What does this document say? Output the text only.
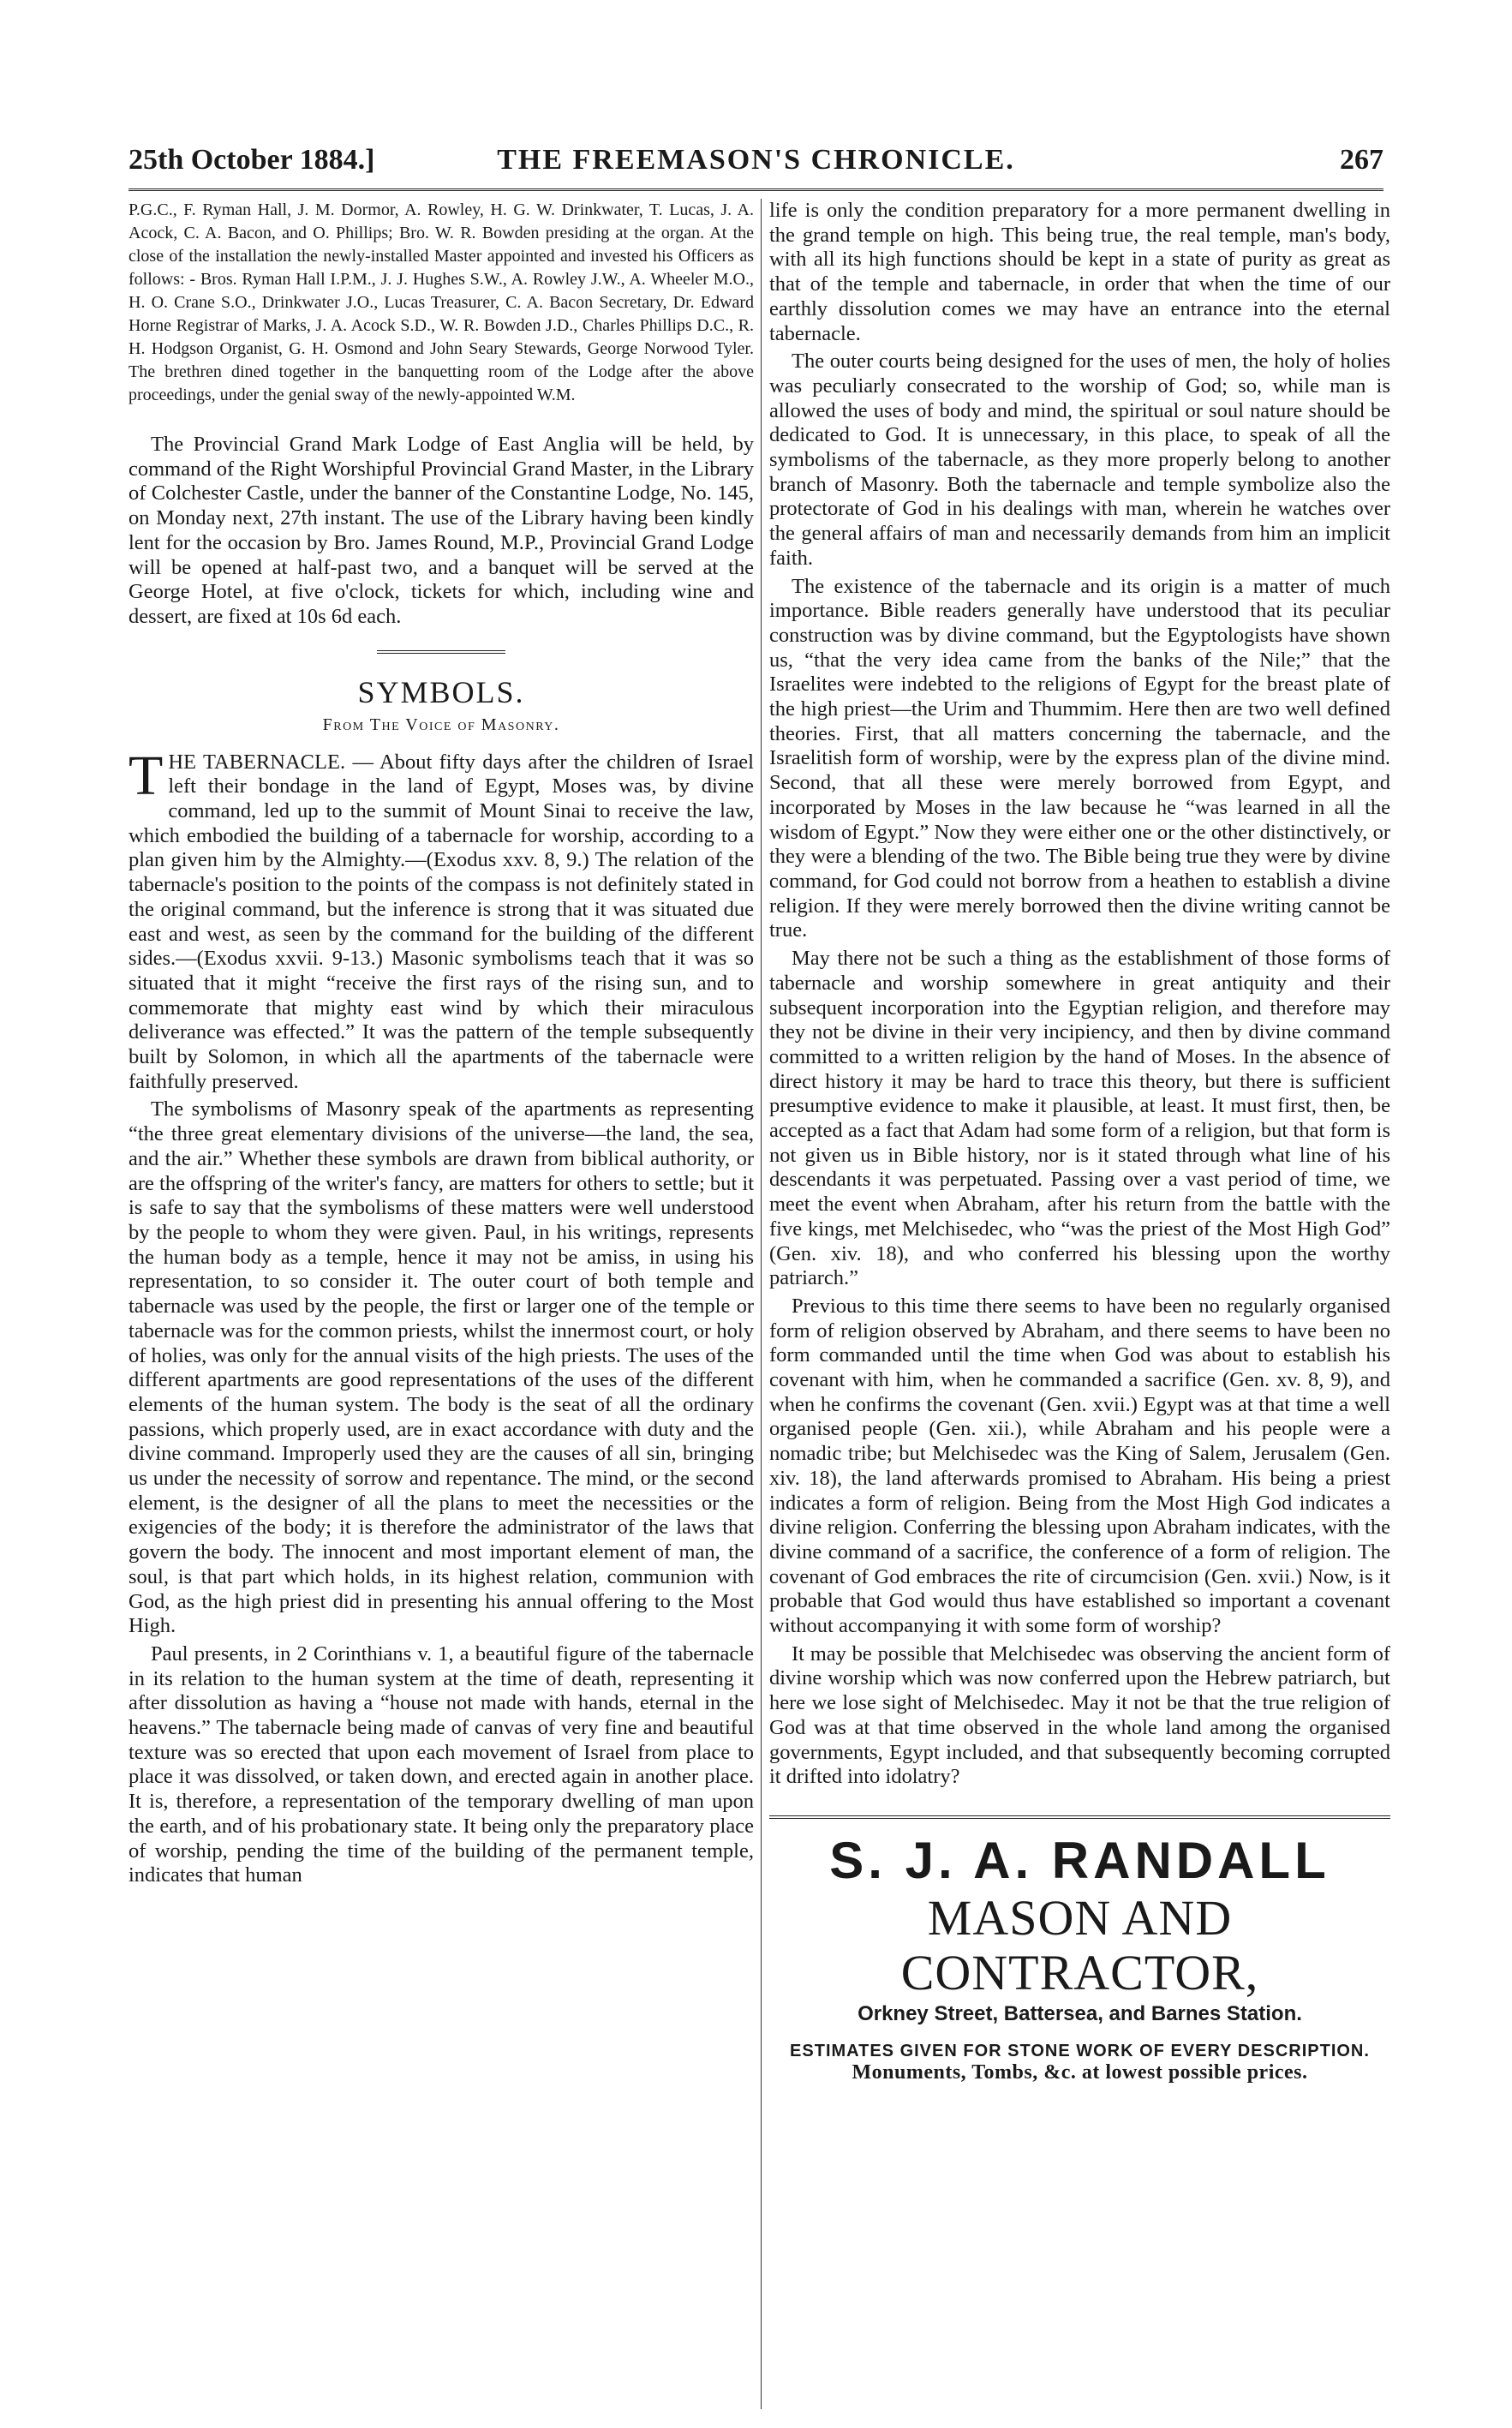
25th October 1884.]	THE FREEMASON'S CHRONICLE.	267

P.G.C., F. Ryman Hall, J. M. Dormor, A. Rowley, H. G. W. Drinkwater, T. Lucas, J. A. Acock, C. A. Bacon, and O. Phillips; Bro. W. R. Bowden presiding at the organ. At the close of the installation the newly-installed Master appointed and invested his Officers as follows: - Bros. Ryman Hall I.P.M., J. J. Hughes S.W., A. Rowley J.W., A. Wheeler M.O., H. O. Crane S.O., Drinkwater J.O., Lucas Treasurer, C. A. Bacon Secretary, Dr. Edward Horne Registrar of Marks, J. A. Acock S.D., W. R. Bowden J.D., Charles Phillips D.C., R. H. Hodgson Organist, G. H. Osmond and John Seary Stewards, George Norwood Tyler. The brethren dined together in the banquetting room of the Lodge after the above proceedings, under the genial sway of the newly-appointed W.M.

The Provincial Grand Mark Lodge of East Anglia will be held, by command of the Right Worshipful Provincial Grand Master, in the Library of Colchester Castle, under the banner of the Constantine Lodge, No. 145, on Monday next, 27th instant. The use of the Library having been kindly lent for the occasion by Bro. James Round, M.P., Provincial Grand Lodge will be opened at half-past two, and a banquet will be served at the George Hotel, at five o'clock, tickets for which, including wine and dessert, are fixed at 10s 6d each.

SYMBOLS.
From The Voice of Masonry.

T HE TABERNACLE. — About fifty days after the children of Israel left their bondage in the land of Egypt, Moses was, by divine command, led up to the summit of Mount Sinai to receive the law, which embodied the building of a tabernacle for worship, according to a plan given him by the Almighty.—(Exodus xxv. 8, 9.) The relation of the tabernacle's position to the points of the compass is not definitely stated in the original command, but the inference is strong that it was situated due east and west, as seen by the command for the building of the different sides.—(Exodus xxvii. 9-13.) Masonic symbolisms teach that it was so situated that it might “receive the first rays of the rising sun, and to commemorate that mighty east wind by which their miraculous deliverance was effected.” It was the pattern of the temple subsequently built by Solomon, in which all the apartments of the tabernacle were faithfully preserved.

The symbolisms of Masonry speak of the apartments as representing “the three great elementary divisions of the universe—the land, the sea, and the air.” Whether these symbols are drawn from biblical authority, or are the offspring of the writer's fancy, are matters for others to settle; but it is safe to say that the symbolisms of these matters were well understood by the people to whom they were given. Paul, in his writings, represents the human body as a temple, hence it may not be amiss, in using his representation, to so consider it. The outer court of both temple and tabernacle was used by the people, the first or larger one of the temple or tabernacle was for the common priests, whilst the innermost court, or holy of holies, was only for the annual visits of the high priests. The uses of the different apartments are good representations of the uses of the different elements of the human system. The body is the seat of all the ordinary passions, which properly used, are in exact accordance with duty and the divine command. Improperly used they are the causes of all sin, bringing us under the necessity of sorrow and repentance. The mind, or the second element, is the designer of all the plans to meet the necessities or the exigencies of the body; it is therefore the administrator of the laws that govern the body. The innocent and most important element of man, the soul, is that part which holds, in its highest relation, communion with God, as the high priest did in presenting his annual offering to the Most High.

Paul presents, in 2 Corinthians v. 1, a beautiful figure of the tabernacle in its relation to the human system at the time of death, representing it after dissolution as having a “house not made with hands, eternal in the heavens.” The tabernacle being made of canvas of very fine and beautiful texture was so erected that upon each movement of Israel from place to place it was dissolved, or taken down, and erected again in another place. It is, therefore, a representation of the temporary dwelling of man upon the earth, and of his probationary state. It being only the preparatory place of worship, pending the time of the building of the permanent temple, indicates that human

life is only the condition preparatory for a more permanent dwelling in the grand temple on high. This being true, the real temple, man's body, with all its high functions should be kept in a state of purity as great as that of the temple and tabernacle, in order that when the time of our earthly dissolution comes we may have an entrance into the eternal tabernacle.

The outer courts being designed for the uses of men, the holy of holies was peculiarly consecrated to the worship of God; so, while man is allowed the uses of body and mind, the spiritual or soul nature should be dedicated to God. It is unnecessary, in this place, to speak of all the symbolisms of the tabernacle, as they more properly belong to another branch of Masonry. Both the tabernacle and temple symbolize also the protectorate of God in his dealings with man, wherein he watches over the general affairs of man and necessarily demands from him an implicit faith.

The existence of the tabernacle and its origin is a matter of much importance. Bible readers generally have understood that its peculiar construction was by divine command, but the Egyptologists have shown us, “that the very idea came from the banks of the Nile;” that the Israelites were indebted to the religions of Egypt for the breast plate of the high priest—the Urim and Thummim. Here then are two well defined theories. First, that all matters concerning the tabernacle, and the Israelitish form of worship, were by the express plan of the divine mind. Second, that all these were merely borrowed from Egypt, and incorporated by Moses in the law because he “was learned in all the wisdom of Egypt.” Now they were either one or the other distinctively, or they were a blending of the two. The Bible being true they were by divine command, for God could not borrow from a heathen to establish a divine religion. If they were merely borrowed then the divine writing cannot be true.

May there not be such a thing as the establishment of those forms of tabernacle and worship somewhere in great antiquity and their subsequent incorporation into the Egyptian religion, and therefore may they not be divine in their very incipiency, and then by divine command committed to a written religion by the hand of Moses. In the absence of direct history it may be hard to trace this theory, but there is sufficient presumptive evidence to make it plausible, at least. It must first, then, be accepted as a fact that Adam had some form of a religion, but that form is not given us in Bible history, nor is it stated through what line of his descendants it was perpetuated. Passing over a vast period of time, we meet the event when Abraham, after his return from the battle with the five kings, met Melchisedec, who “was the priest of the Most High God” (Gen. xiv. 18), and who conferred his blessing upon the worthy patriarch.”

Previous to this time there seems to have been no regularly organised form of religion observed by Abraham, and there seems to have been no form commanded until the time when God was about to establish his covenant with him, when he commanded a sacrifice (Gen. xv. 8, 9), and when he confirms the covenant (Gen. xvii.) Egypt was at that time a well organised people (Gen. xii.), while Abraham and his people were a nomadic tribe; but Melchisedec was the King of Salem, Jerusalem (Gen. xiv. 18), the land afterwards promised to Abraham. His being a priest indicates a form of religion. Being from the Most High God indicates a divine religion. Conferring the blessing upon Abraham indicates, with the divine command of a sacrifice, the conference of a form of religion. The covenant of God embraces the rite of circumcision (Gen. xvii.) Now, is it probable that God would thus have established so important a covenant without accompanying it with some form of worship?

It may be possible that Melchisedec was observing the ancient form of divine worship which was now conferred upon the Hebrew patriarch, but here we lose sight of Melchisedec. May it not be that the true religion of God was at that time observed in the whole land among the organised governments, Egypt included, and that subsequently becoming corrupted it drifted into idolatry?

S. J. A. RANDALL
MASON AND CONTRACTOR,
Orkney Street, Battersea, and Barnes Station.
ESTIMATES GIVEN FOR STONE WORK OF EVERY DESCRIPTION.
Monuments, Tombs, &c. at lowest possible prices.
